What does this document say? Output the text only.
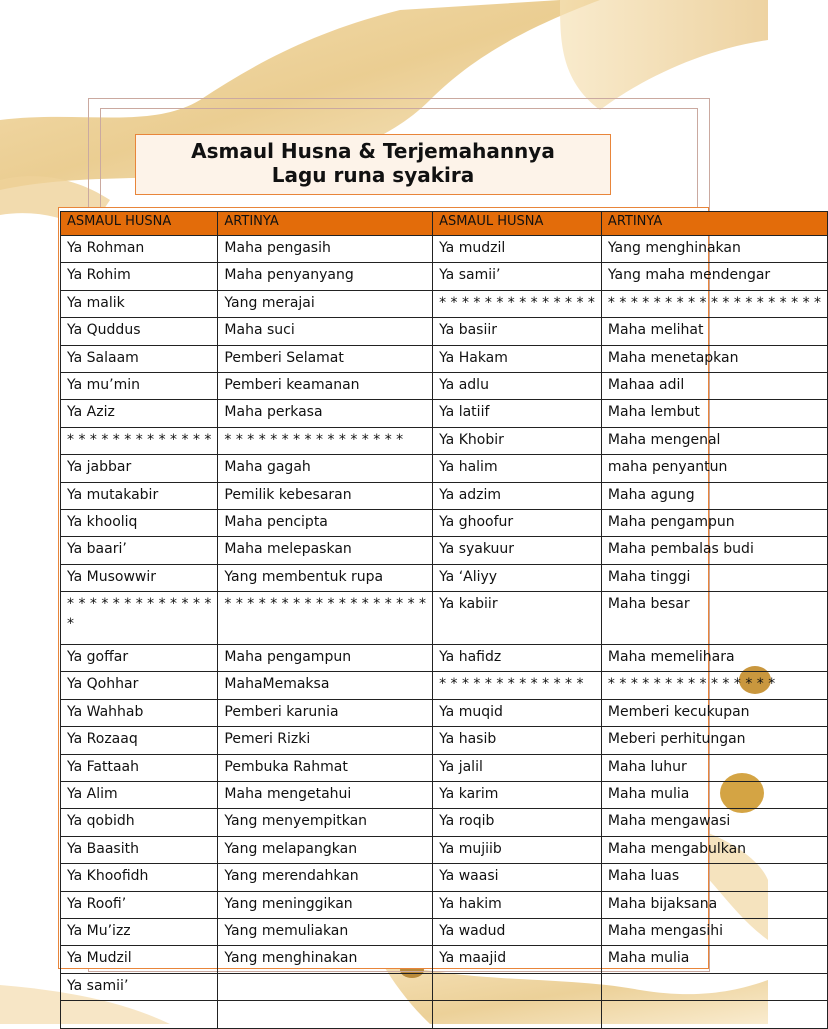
Asmaul Husna & Terjemahannya
Lagu runa syakira
ASMAUL HUSNA	ARTINYA	ASMAUL HUSNA	ARTINYA
Ya Rohman	Maha pengasih	Ya mudzil	Yang menghinakan
Ya Rohim	Maha penyanyang	Ya samii’	Yang maha mendengar
Ya malik	Yang merajai	* * * * * * * * * * * * * *	* * * * * * * * * * * * * * * * * * *
Ya Quddus	Maha suci	Ya basiir	Maha melihat
Ya Salaam	Pemberi Selamat	Ya Hakam	Maha menetapkan
Ya mu’min	Pemberi keamanan	Ya adlu	Mahaa adil
Ya Aziz	Maha perkasa	Ya latiif	Maha lembut
* * * * * * * * * * * * *	* * * * * * * * * * * * * * * *	Ya Khobir	Maha mengenal
Ya jabbar	Maha gagah	Ya halim	maha penyantun
Ya mutakabir	Pemilik kebesaran	Ya adzim	Maha agung
Ya khooliq	Maha pencipta	Ya ghoofur	Maha pengampun
Ya baari’	Maha melepaskan	Ya syakuur	Maha pembalas budi
Ya Musowwir	Yang membentuk rupa	Ya ‘Aliyy	Maha tinggi
* * * * * * * * * * * * * *	* * * * * * * * * * * * * * * * * *	Ya kabiir	Maha besar
Ya goffar	Maha pengampun	Ya hafidz	Maha memelihara
Ya Qohhar	MahaMemaksa	* * * * * * * * * * * * *	* * * * * * * * * * * * * * *
Ya Wahhab	Pemberi karunia	Ya muqid	Memberi kecukupan
Ya Rozaaq	Pemeri Rizki	Ya hasib	Meberi perhitungan
Ya Fattaah	Pembuka Rahmat	Ya jalil	Maha luhur
Ya Alim	Maha mengetahui	Ya karim	Maha mulia
Ya qobidh	Yang menyempitkan	Ya roqib	Maha mengawasi
Ya Baasith	Yang melapangkan	Ya mujiib	Maha mengabulkan
Ya Khoofidh	Yang merendahkan	Ya waasi	Maha luas
Ya Roofi’	Yang meninggikan	Ya hakim	Maha bijaksana
Ya Mu’izz	Yang memuliakan	Ya wadud	Maha mengasihi
Ya Mudzil	Yang menghinakan	Ya maajid	Maha mulia
Ya samii’			
